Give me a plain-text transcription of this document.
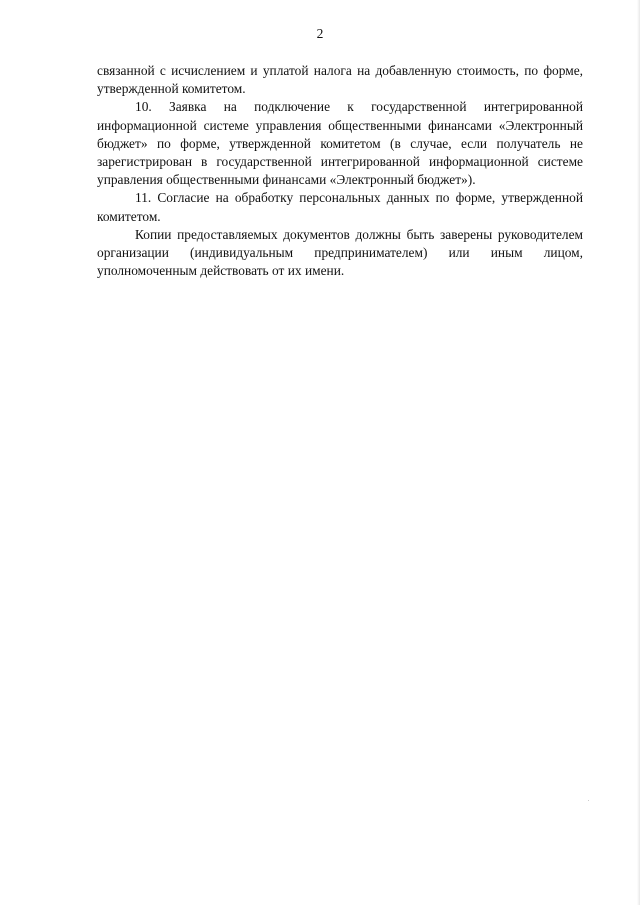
2

связанной с исчислением и уплатой налога на добавленную стоимость, по форме, утвержденной комитетом.

10. Заявка на подключение к государственной интегрированной информационной системе управления общественными финансами «Электронный бюджет» по форме, утвержденной комитетом (в случае, если получатель не зарегистрирован в государственной интегрированной информационной системе управления общественными финансами «Электронный бюджет»).

11. Согласие на обработку персональных данных по форме, утвержденной комитетом.

Копии предоставляемых документов должны быть заверены руководителем организации (индивидуальным предпринимателем) или иным лицом, уполномоченным действовать от их имени.
